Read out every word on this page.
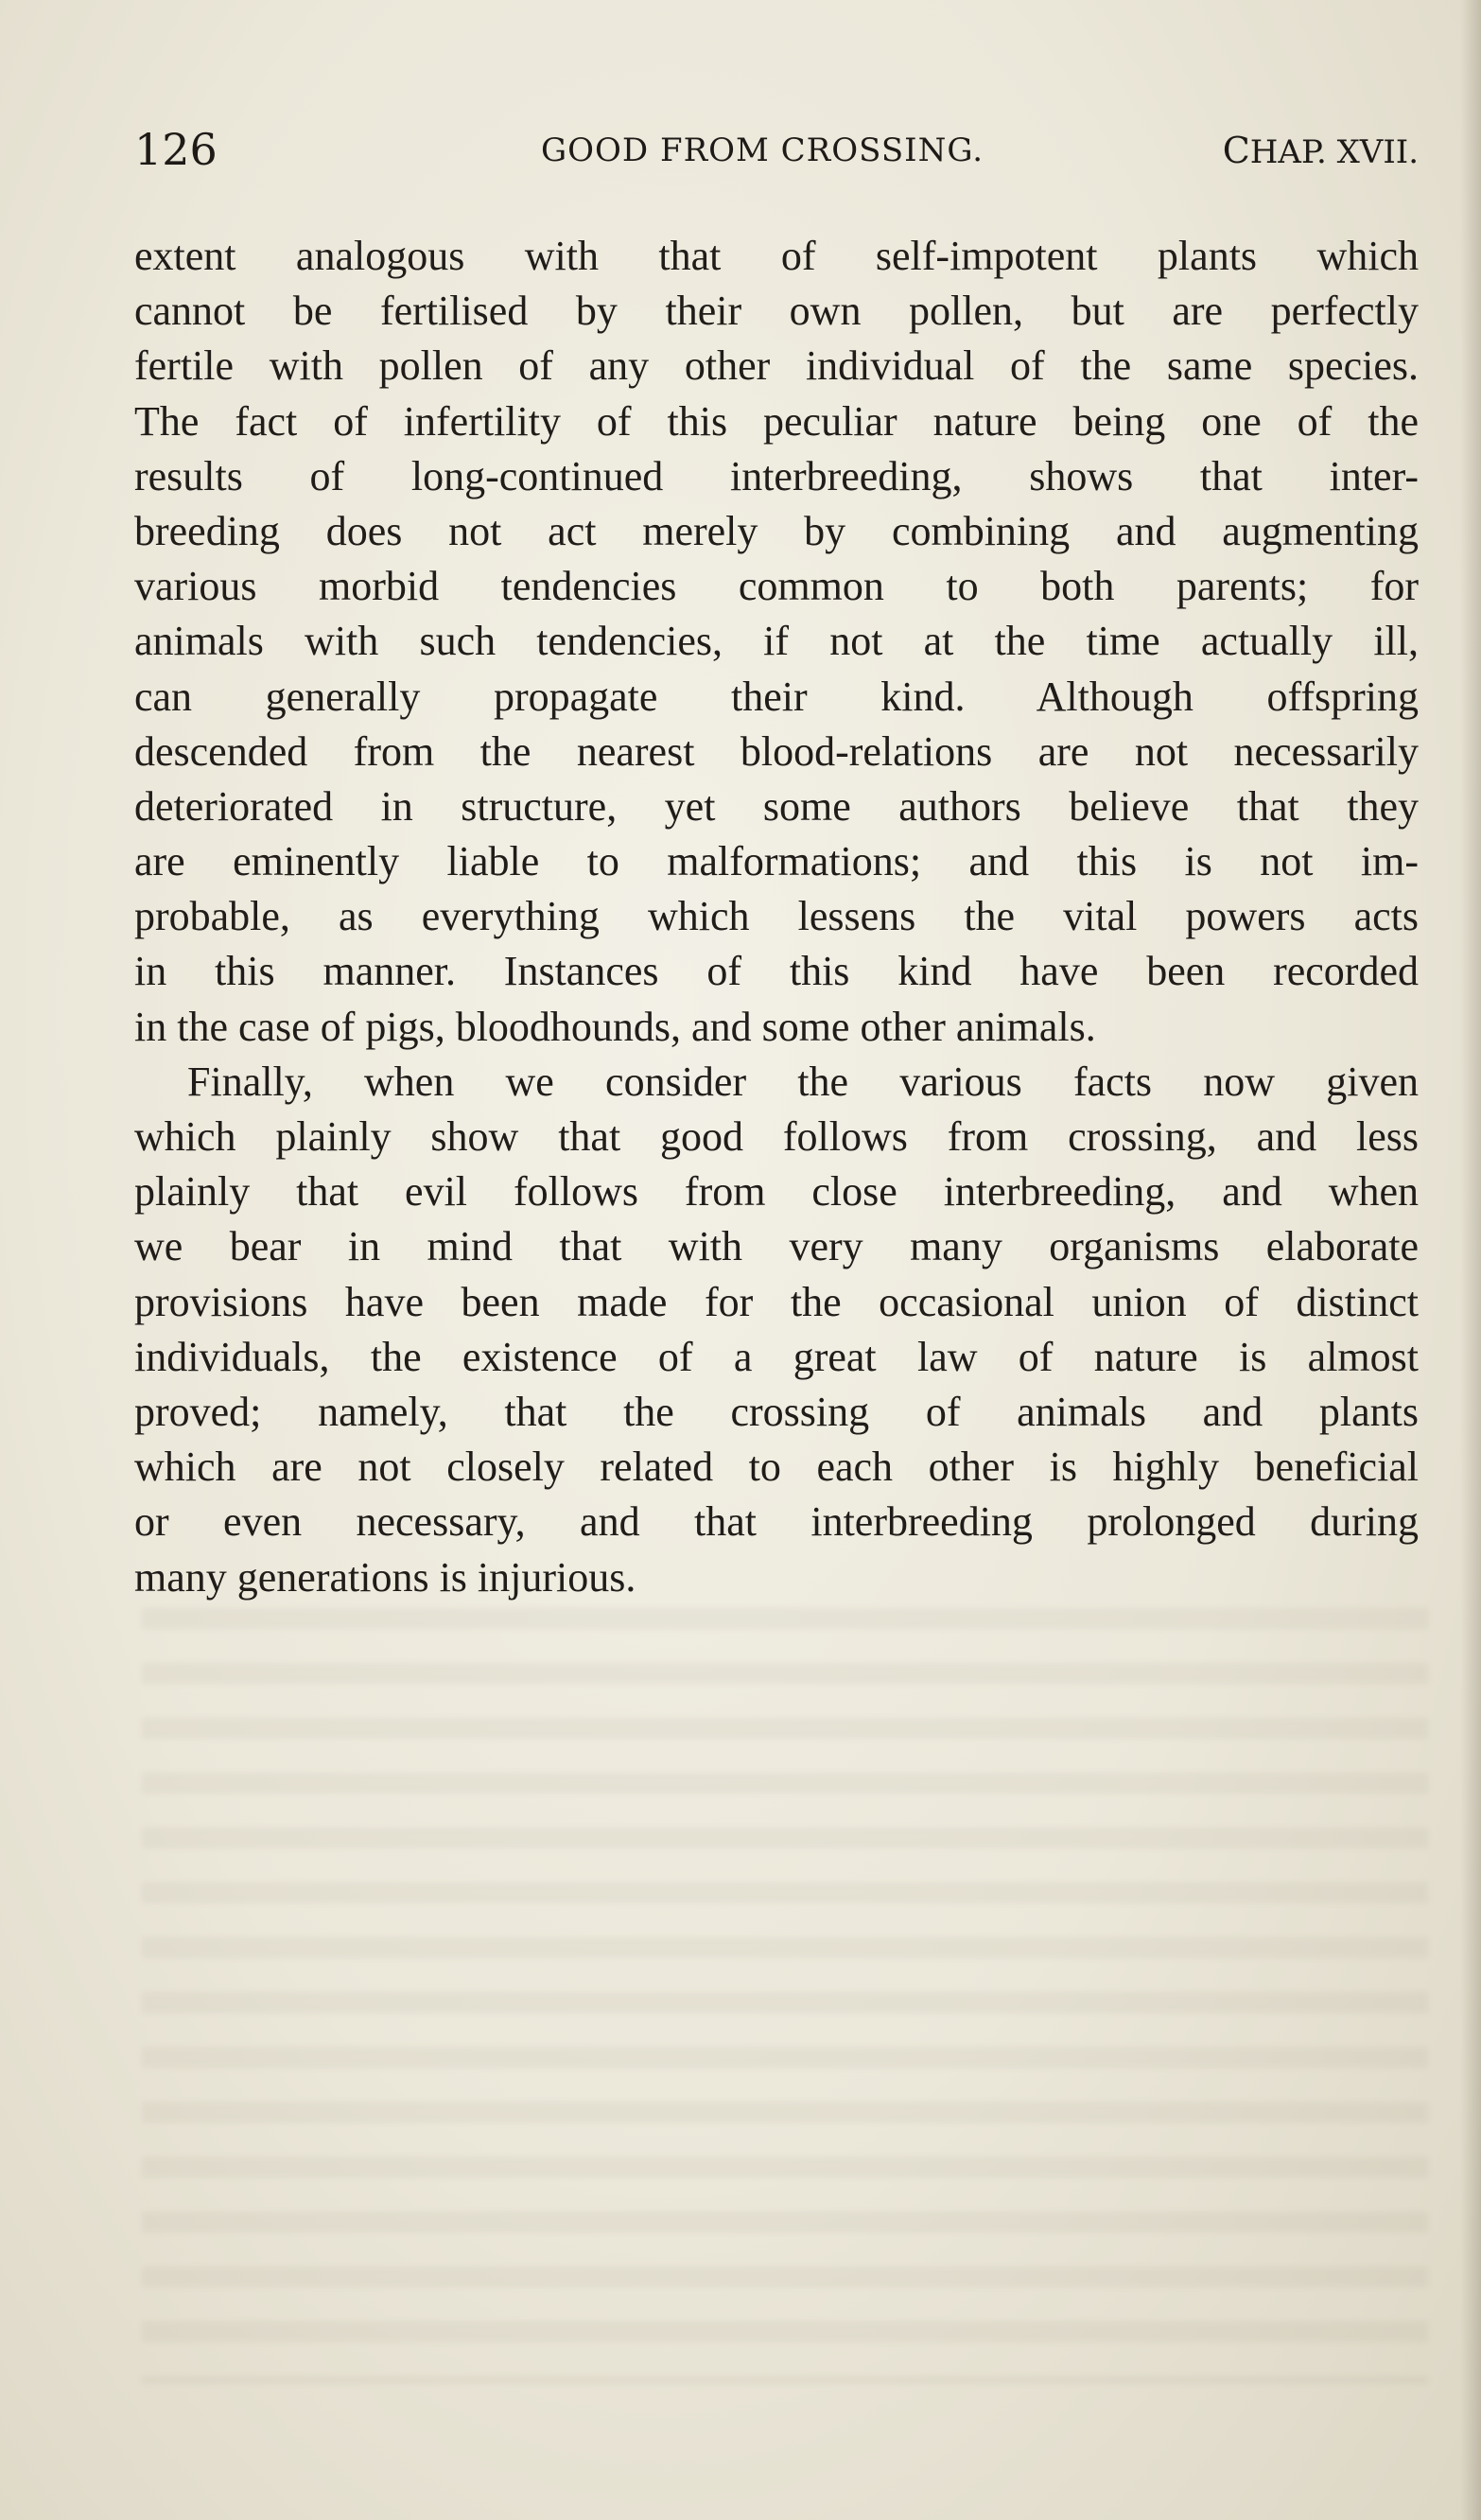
126	GOOD FROM CROSSING.	CHAP. XVII.
extent analogous with that of self-impotent plants which
cannot be fertilised by their own pollen, but are perfectly
fertile with pollen of any other individual of the same species.
The fact of infertility of this peculiar nature being one of the
results of long-continued interbreeding, shows that inter-
breeding does not act merely by combining and augmenting
various morbid tendencies common to both parents; for
animals with such tendencies, if not at the time actually ill,
can generally propagate their kind. Although offspring
descended from the nearest blood-relations are not necessarily
deteriorated in structure, yet some authors believe that they
are eminently liable to malformations; and this is not im-
probable, as everything which lessens the vital powers acts
in this manner. Instances of this kind have been recorded
in the case of pigs, bloodhounds, and some other animals.
Finally, when we consider the various facts now given
which plainly show that good follows from crossing, and less
plainly that evil follows from close interbreeding, and when
we bear in mind that with very many organisms elaborate
provisions have been made for the occasional union of distinct
individuals, the existence of a great law of nature is almost
proved; namely, that the crossing of animals and plants
which are not closely related to each other is highly beneficial
or even necessary, and that interbreeding prolonged during
many generations is injurious.
